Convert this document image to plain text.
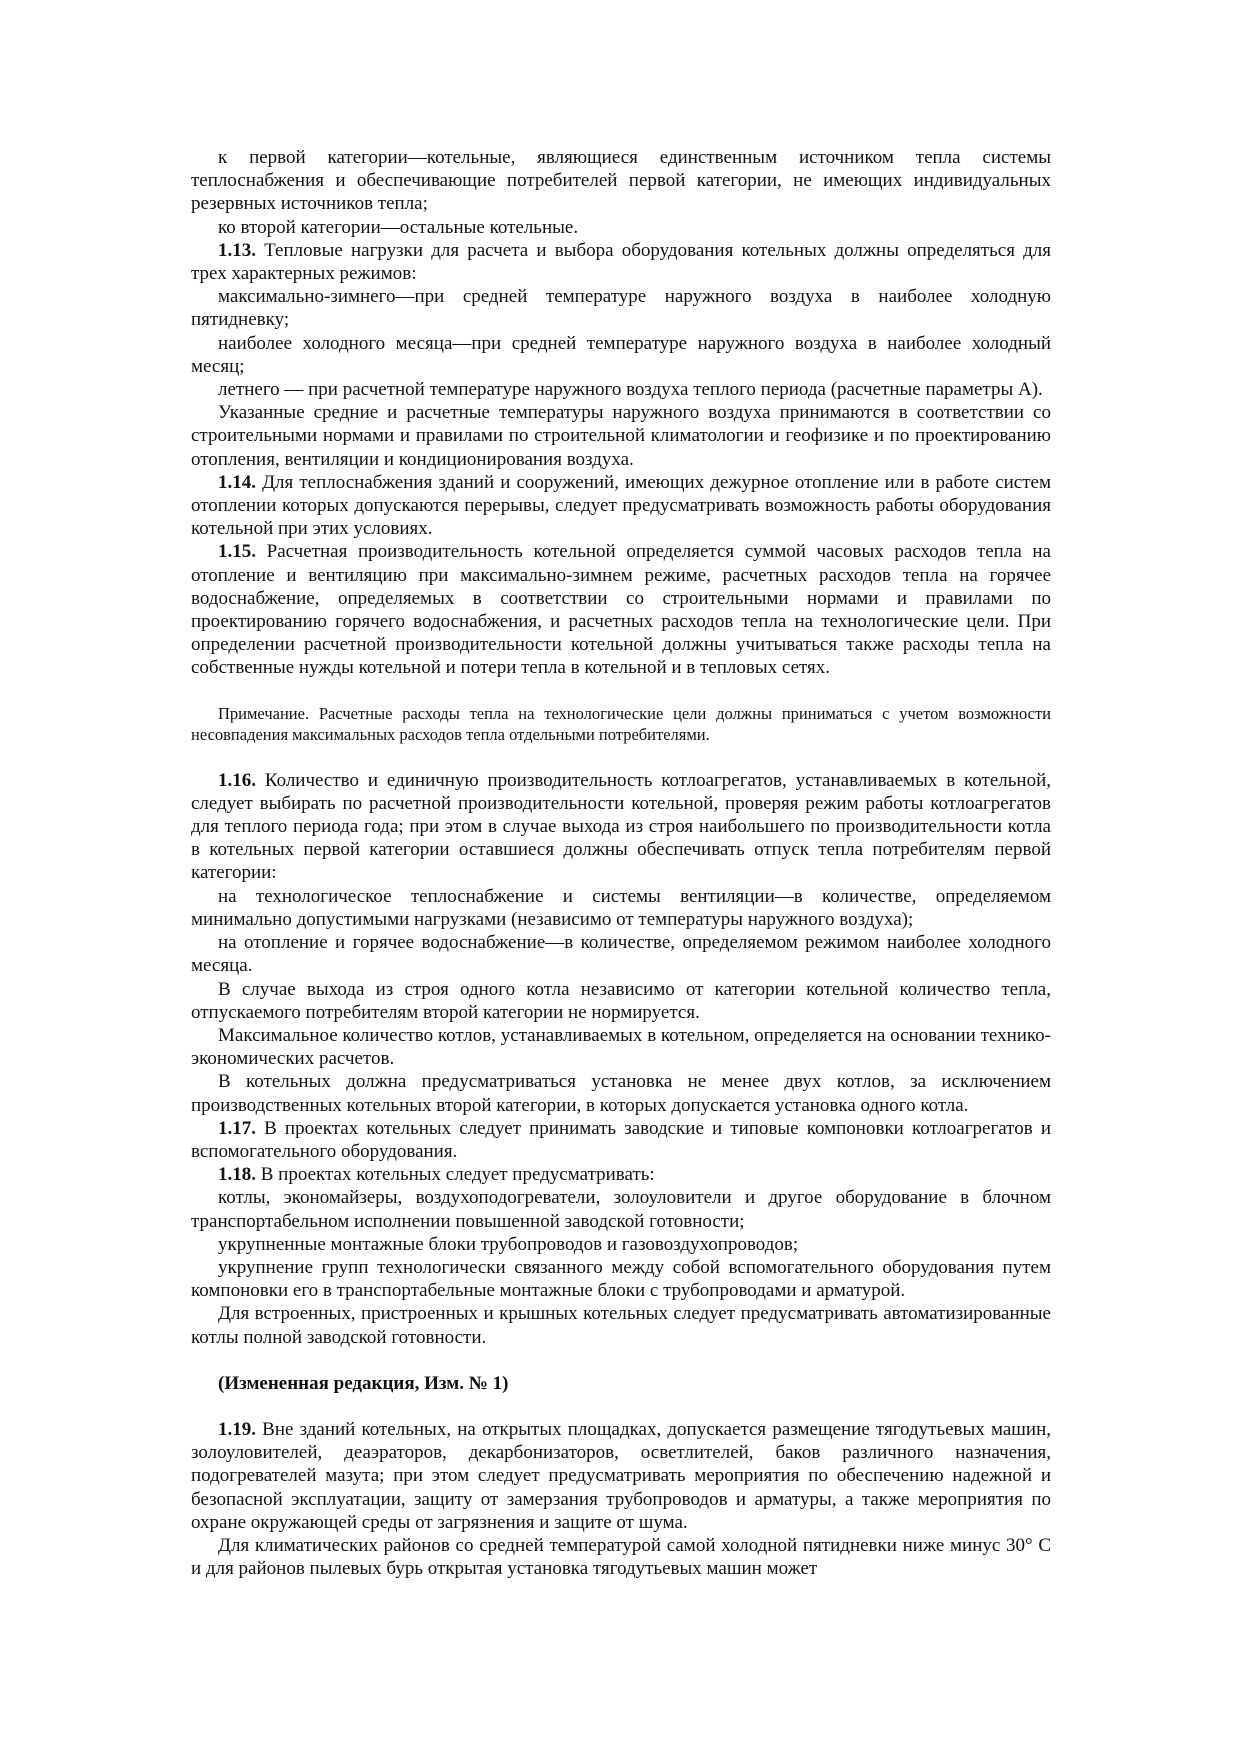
к первой категории—котельные, являющиеся единственным источником тепла системы теплоснабжения и обеспечивающие потребителей первой категории, не имеющих индивидуальных резервных источников тепла;

ко второй категории—остальные котельные.

1.13. Тепловые нагрузки для расчета и выбора оборудования котельных должны определяться для трех характерных режимов:

максимально-зимнего—при средней температуре наружного воздуха в наиболее холодную пятидневку;

наиболее холодного месяца—при средней температуре наружного воздуха в наиболее холодный месяц;

летнего — при расчетной температуре наружного воздуха теплого периода (расчетные параметры А).

Указанные средние и расчетные температуры наружного воздуха принимаются в соответствии со строительными нормами и правилами по строительной климатологии и геофизике и по проектированию отопления, вентиляции и кондиционирования воздуха.

1.14. Для теплоснабжения зданий и сооружений, имеющих дежурное отопление или в работе систем отоплении которых допускаются перерывы, следует предусматривать возможность работы оборудования котельной при этих условиях.

1.15. Расчетная производительность котельной определяется суммой часовых расходов тепла на отопление и вентиляцию при максимально-зимнем режиме, расчетных расходов тепла на горячее водоснабжение, определяемых в соответствии со строительными нормами и правилами по проектированию горячего водоснабжения, и расчетных расходов тепла на технологические цели. При определении расчетной производительности котельной должны учитываться также расходы тепла на собственные нужды котельной и потери тепла в котельной и в тепловых сетях.

Примечание. Расчетные расходы тепла на технологические цели должны приниматься с учетом возможности несовпадения максимальных расходов тепла отдельными потребителями.

1.16. Количество и единичную производительность котлоагрегатов, устанавливаемых в котельной, следует выбирать по расчетной производительности котельной, проверяя режим работы котлоагрегатов для теплого периода года; при этом в случае выхода из строя наибольшего по производительности котла в котельных первой категории оставшиеся должны обеспечивать отпуск тепла потребителям первой категории:

на технологическое теплоснабжение и системы вентиляции—в количестве, определяемом минимально допустимыми нагрузками (независимо от температуры наружного воздуха);

на отопление и горячее водоснабжение—в количестве, определяемом режимом наиболее холодного месяца.

В случае выхода из строя одного котла независимо от категории котельной количество тепла, отпускаемого потребителям второй категории не нормируется.

Максимальное количество котлов, устанавливаемых в котельном, определяется на основании технико-экономических расчетов.

В котельных должна предусматриваться установка не менее двух котлов, за исключением производственных котельных второй категории, в которых допускается установка одного котла.

1.17. В проектах котельных следует принимать заводские и типовые компоновки котлоагрегатов и вспомогательного оборудования.

1.18. В проектах котельных следует предусматривать:

котлы, экономайзеры, воздухоподогреватели, золоуловители и другое оборудование в блочном транспортабельном исполнении повышенной заводской готовности;

укрупненные монтажные блоки трубопроводов и газовоздухопроводов;

укрупнение групп технологически связанного между собой вспомогательного оборудования путем компоновки его в транспортабельные монтажные блоки с трубопроводами и арматурой.

Для встроенных, пристроенных и крышных котельных следует предусматривать автоматизированные котлы полной заводской готовности.

(Измененная редакция, Изм. № 1)

1.19. Вне зданий котельных, на открытых площадках, допускается размещение тягодутьевых машин, золоуловителей, деаэраторов, декарбонизаторов, осветлителей, баков различного назначения, подогревателей мазута; при этом следует предусматривать мероприятия по обеспечению надежной и безопасной эксплуатации, защиту от замерзания трубопроводов и арматуры, а также мероприятия по охране окружающей среды от загрязнения и защите от шума.

Для климатических районов со средней температурой самой холодной пятидневки ниже минус 30° С и для районов пылевых бурь открытая установка тягодутьевых машин может
